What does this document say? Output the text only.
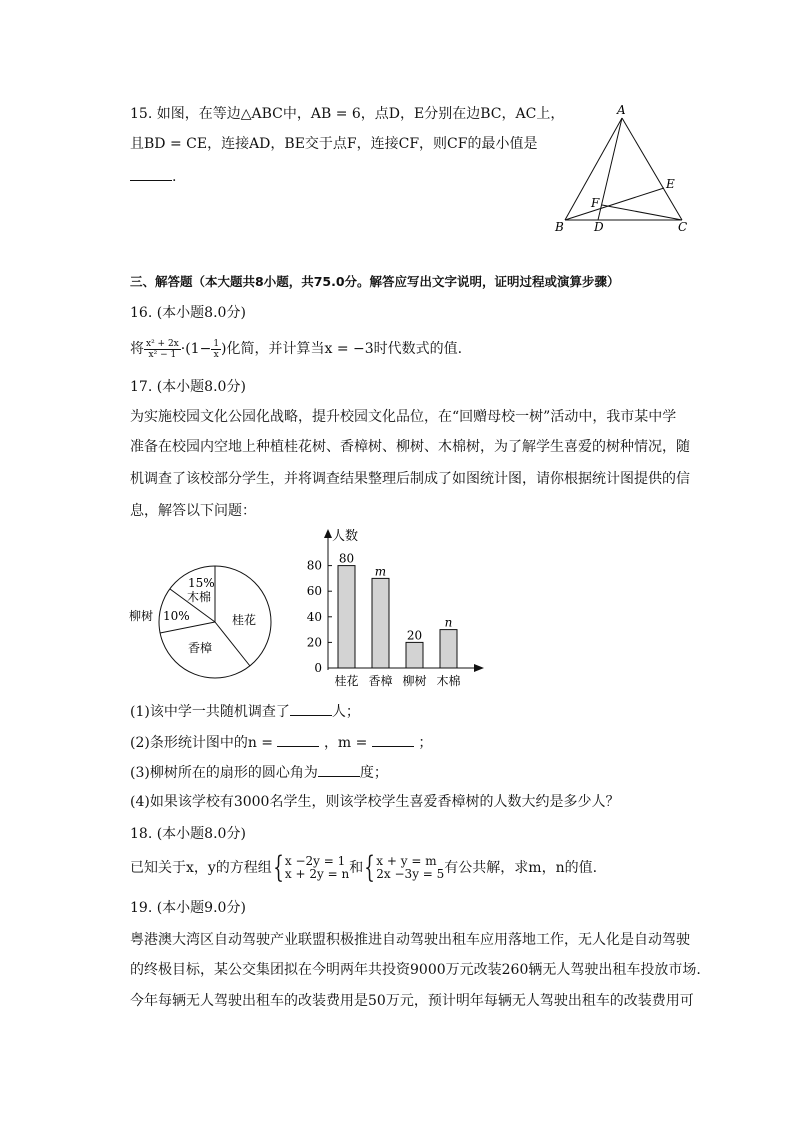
15. 如图，在等边△ABC中，AB = 6，点D，E分别在边BC，AC上，
且BD = CE，连接AD，BE交于点F，连接CF，则CF的最小值是
.
A
B	C
D
E
F
三、解答题（本大题共8小题，共75.0分。解答应写出文字说明，证明过程或演算步骤）
16. (本小题8.0分)
将 $\frac{\text{x² + 2x}}{\text{x² − 1}} \cdot(1- \frac{1}{x}$ )化简，并计算当x = −3时代数式的值.
17. (本小题8.0分)
为实施校园文化公园化战略，提升校园文化品位，在“回赠母校一树”活动中，我市某中学
准备在校园内空地上种植桂花树、香樟树、柳树、木棉树，为了解学生喜爱的树种情况，随
机调查了该校部分学生，并将调查结果整理后制成了如图统计图，请你根据统计图提供的信
息，解答以下问题：
15%
木棉
10%
柳树	桂花
香樟
人数
0
20
40
60
80 80
桂花
m
香樟
20
柳树
n
木棉
(1)该中学一共随机调查了	人；
(2)条形统计图中的n =	，m =	；
(3)柳树所在的扇形的圆心角为	度；
(4)如果该学校有3000名学生，则该学校学生喜爱香樟树的人数大约是多少人？
18. (本小题8.0分)
已知关于x，y的方程组{ x −2y = 1
x + 2y = n 和{ x + y = m
2x −3y = 5 有公共解，求m，n的值.
19. (本小题9.0分)
粤港澳大湾区自动驾驶产业联盟积极推进自动驾驶出租车应用落地工作，无人化是自动驾驶
的终极目标，某公交集团拟在今明两年共投资9000万元改装260辆无人驾驶出租车投放市场.
今年每辆无人驾驶出租车的改装费用是50万元，预计明年每辆无人驾驶出租车的改装费用可
